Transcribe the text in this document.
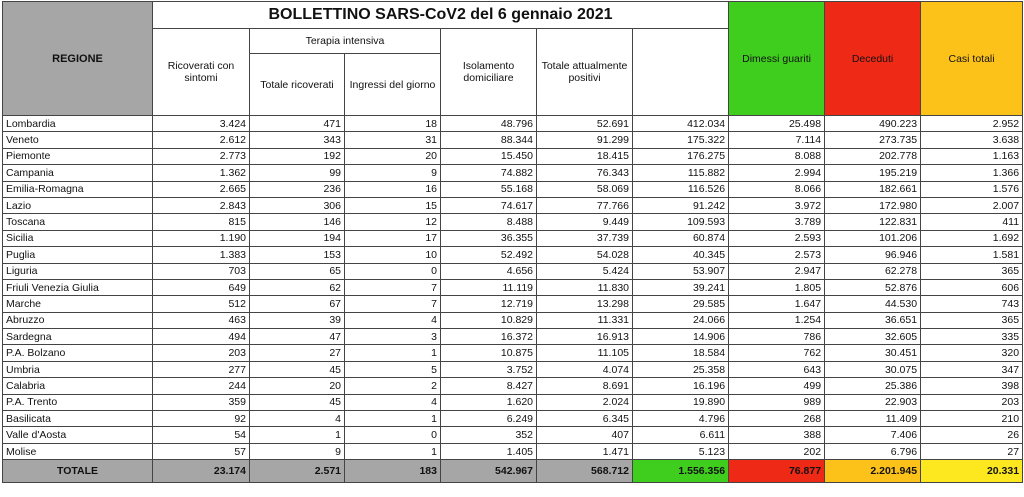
REGIONE	BOLLETTINO SARS-CoV2 del 6 gennaio 2021						Dimessi guariti	Deceduti	Casi totali	
	Ricoverati con sintomi	Terapia intensiva		Isolamento domiciliare	Totale attualmente positivi					
		Totale ricoverati	Ingressi del giorno							
Lombardia	3.424	471	18	48.796	52.691	412.034	25.498	490.223	2.952	
Veneto	2.612	343	31	88.344	91.299	175.322	7.114	273.735	3.638	
Piemonte	2.773	192	20	15.450	18.415	176.275	8.088	202.778	1.163	
Campania	1.362	99	9	74.882	76.343	115.882	2.994	195.219	1.366	
Emilia-Romagna	2.665	236	16	55.168	58.069	116.526	8.066	182.661	1.576	
Lazio	2.843	306	15	74.617	77.766	91.242	3.972	172.980	2.007	
Toscana	815	146	12	8.488	9.449	109.593	3.789	122.831	411	
Sicilia	1.190	194	17	36.355	37.739	60.874	2.593	101.206	1.692	
Puglia	1.383	153	10	52.492	54.028	40.345	2.573	96.946	1.581	
Liguria	703	65	0	4.656	5.424	53.907	2.947	62.278	365	
Friuli Venezia Giulia	649	62	7	11.119	11.830	39.241	1.805	52.876	606	
Marche	512	67	7	12.719	13.298	29.585	1.647	44.530	743	
Abruzzo	463	39	4	10.829	11.331	24.066	1.254	36.651	365	
Sardegna	494	47	3	16.372	16.913	14.906	786	32.605	335	
P.A. Bolzano	203	27	1	10.875	11.105	18.584	762	30.451	320	
Umbria	277	45	5	3.752	4.074	25.358	643	30.075	347	
Calabria	244	20	2	8.427	8.691	16.196	499	25.386	398	
P.A. Trento	359	45	4	1.620	2.024	19.890	989	22.903	203	
Basilicata	92	4	1	6.249	6.345	4.796	268	11.409	210	
Valle d'Aosta	54	1	0	352	407	6.611	388	7.406	26	
Molise	57	9	1	1.405	1.471	5.123	202	6.796	27	
TOTALE	23.174	2.571	183	542.967	568.712	1.556.356	76.877	2.201.945	20.331	
